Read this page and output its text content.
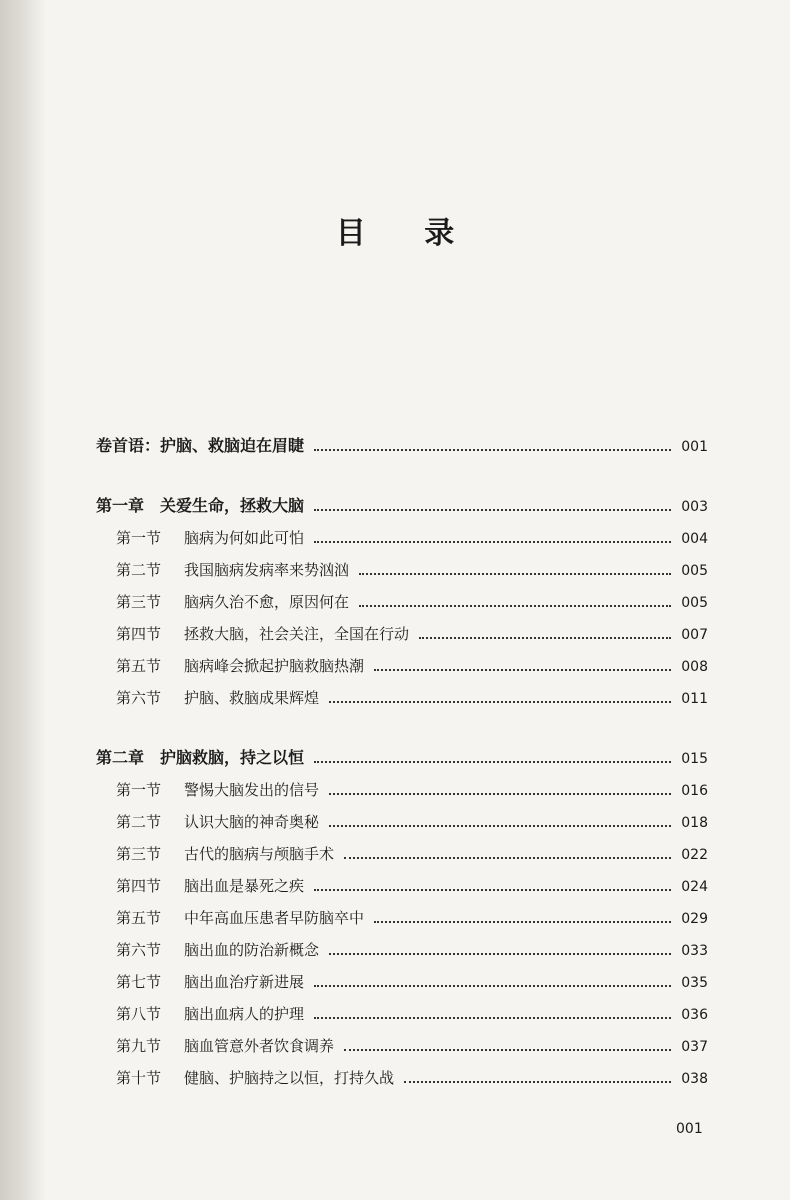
目 录
卷首语：护脑、救脑迫在眉睫	001
第一章　关爱生命，拯救大脑	003
第一节 脑病为何如此可怕	004
第二节 我国脑病发病率来势汹汹	005
第三节 脑病久治不愈，原因何在	005
第四节 拯救大脑，社会关注，全国在行动	007
第五节 脑病峰会掀起护脑救脑热潮	008
第六节 护脑、救脑成果辉煌	011
第二章　护脑救脑，持之以恒	015
第一节 警惕大脑发出的信号	016
第二节 认识大脑的神奇奥秘	018
第三节 古代的脑病与颅脑手术	022
第四节 脑出血是暴死之疾	024
第五节 中年高血压患者早防脑卒中	029
第六节 脑出血的防治新概念	033
第七节 脑出血治疗新进展	035
第八节 脑出血病人的护理	036
第九节 脑血管意外者饮食调养	037
第十节 健脑、护脑持之以恒，打持久战	038
001
